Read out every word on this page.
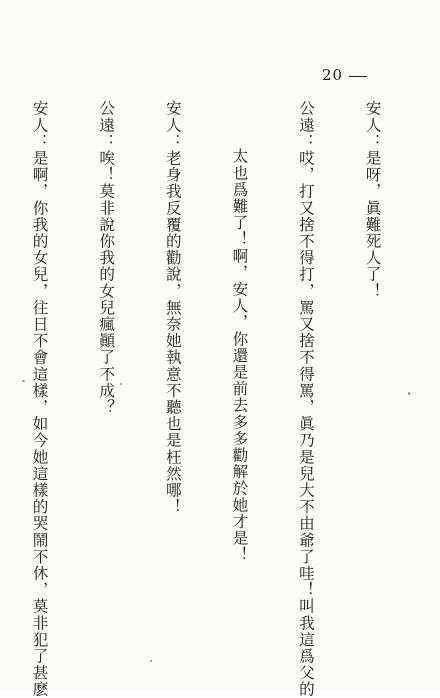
20

安人：是呀，眞難死人了！

公遠：哎，打又捨不得打，罵又捨不得罵，眞乃是兒大不由爺了哇！叫我這爲父的

太也爲難了！啊，安人，你還是前去多多勸解於她才是！

安人：老身我反覆的勸說，無奈她執意不聽也是枉然哪！

公遠：唉！莫非說你我的女兒瘋顚了不成？

安人：是啊，你我的女兒，往日不會這樣，如今她這樣的哭鬧不休，莫非犯了甚麽
